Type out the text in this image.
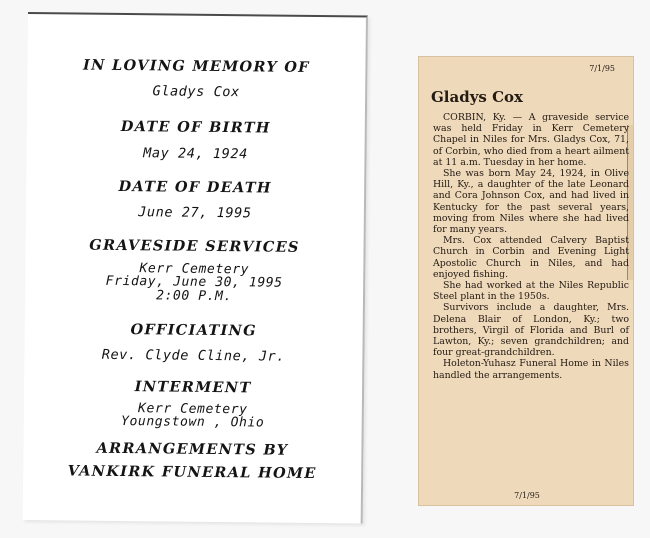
IN LOVING MEMORY OF
Gladys Cox
DATE OF BIRTH
May 24, 1924
DATE OF DEATH
June 27, 1995
GRAVESIDE SERVICES
Kerr Cemetery
Friday, June 30, 1995
2:00 P.M.
OFFICIATING
Rev. Clyde Cline, Jr.
INTERMENT
Kerr Cemetery
Youngstown , Ohio
ARRANGEMENTS BY
VANKIRK FUNERAL HOME
7/1/95
Gladys Cox

CORBIN, Ky. — A graveside service was held Friday in Kerr Cemetery Chapel in Niles for Mrs. Gladys Cox, 71, of Corbin, who died from a heart ailment at 11 a.m. Tuesday in her home.

She was born May 24, 1924, in Olive Hill, Ky., a daughter of the late Leonard and Cora Johnson Cox, and had lived in Kentucky for the past several years, moving from Niles where she had lived for many years.

Mrs. Cox attended Calvery Baptist Church in Corbin and Evening Light Apostolic Church in Niles, and had enjoyed fishing.

She had worked at the Niles Republic Steel plant in the 1950s.

Survivors include a daughter, Mrs. Delena Blair of London, Ky.; two brothers, Virgil of Florida and Burl of Lawton, Ky.; seven grandchildren; and four great-grandchildren.

Holeton-Yuhasz Funeral Home in Niles handled the arrangements.

7/1/95
